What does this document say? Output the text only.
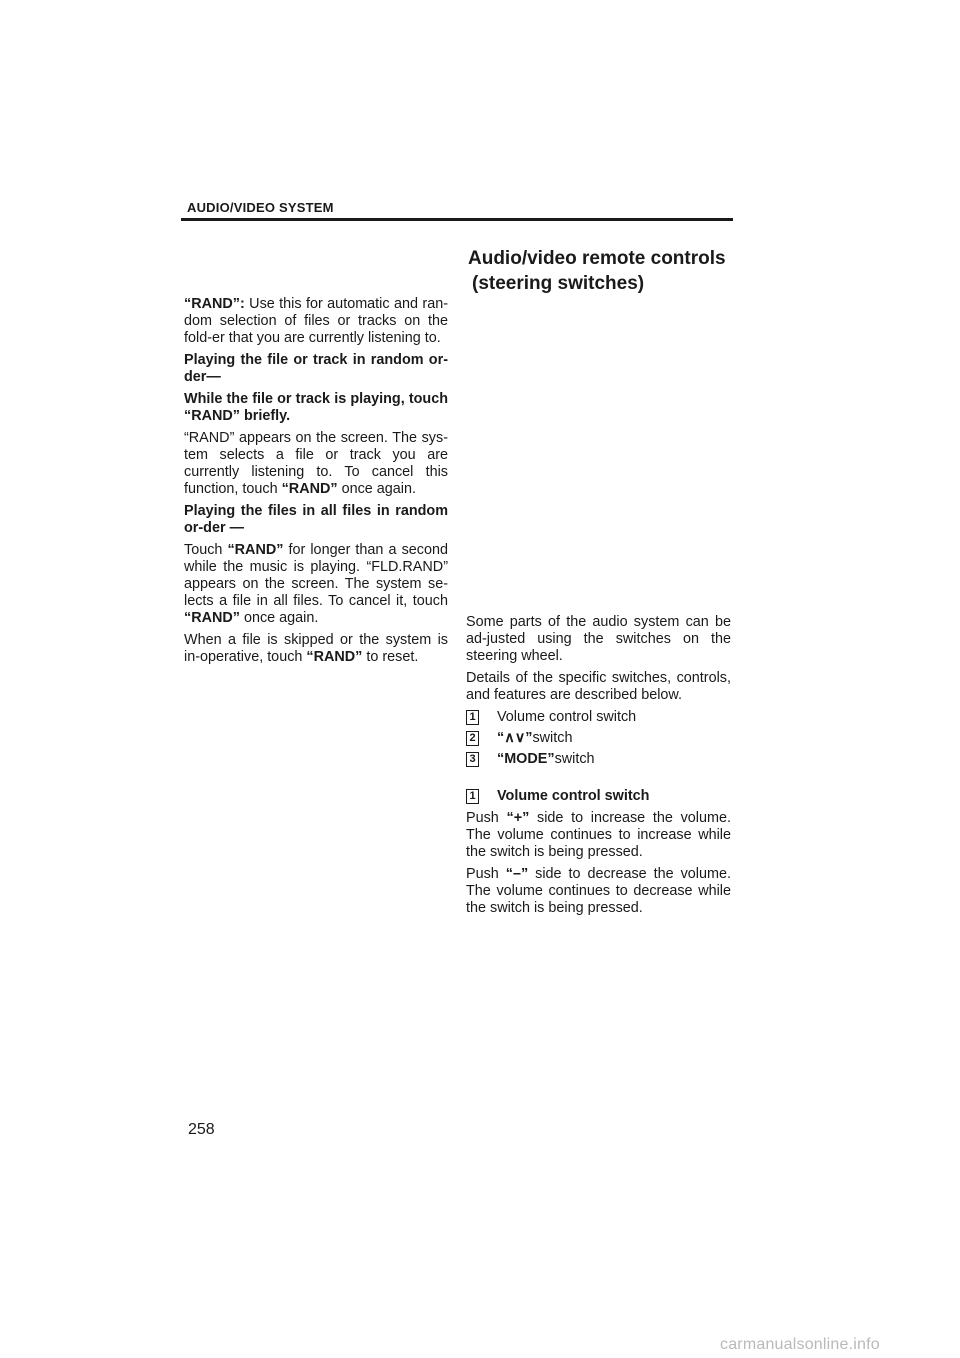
AUDIO/VIDEO SYSTEM
Audio/video remote controls
(steering switches)

“RAND”: Use this for automatic and ran-dom selection of files or tracks on the fold-er that you are currently listening to.

Playing the file or track in random or-der—

While the file or track is playing, touch “RAND” briefly.

“RAND” appears on the screen. The sys-tem selects a file or track you are currently listening to. To cancel this function, touch “RAND” once again.

Playing the files in all files in random or-der —

Touch “RAND” for longer than a second while the music is playing. “FLD.RAND” appears on the screen. The system se-lects a file in all files. To cancel it, touch “RAND” once again.

When a file is skipped or the system is in-operative, touch “RAND” to reset.

Some parts of the audio system can be ad-justed using the switches on the steering wheel.

Details of the specific switches, controls, and features are described below.

1 Volume control switch
2 “∧∨” switch
3 “MODE” switch
1 Volume control switch

Push “+” side to increase the volume. The volume continues to increase while the switch is being pressed.

Push “–” side to decrease the volume. The volume continues to decrease while the switch is being pressed.

258
carmanualsonline.info
